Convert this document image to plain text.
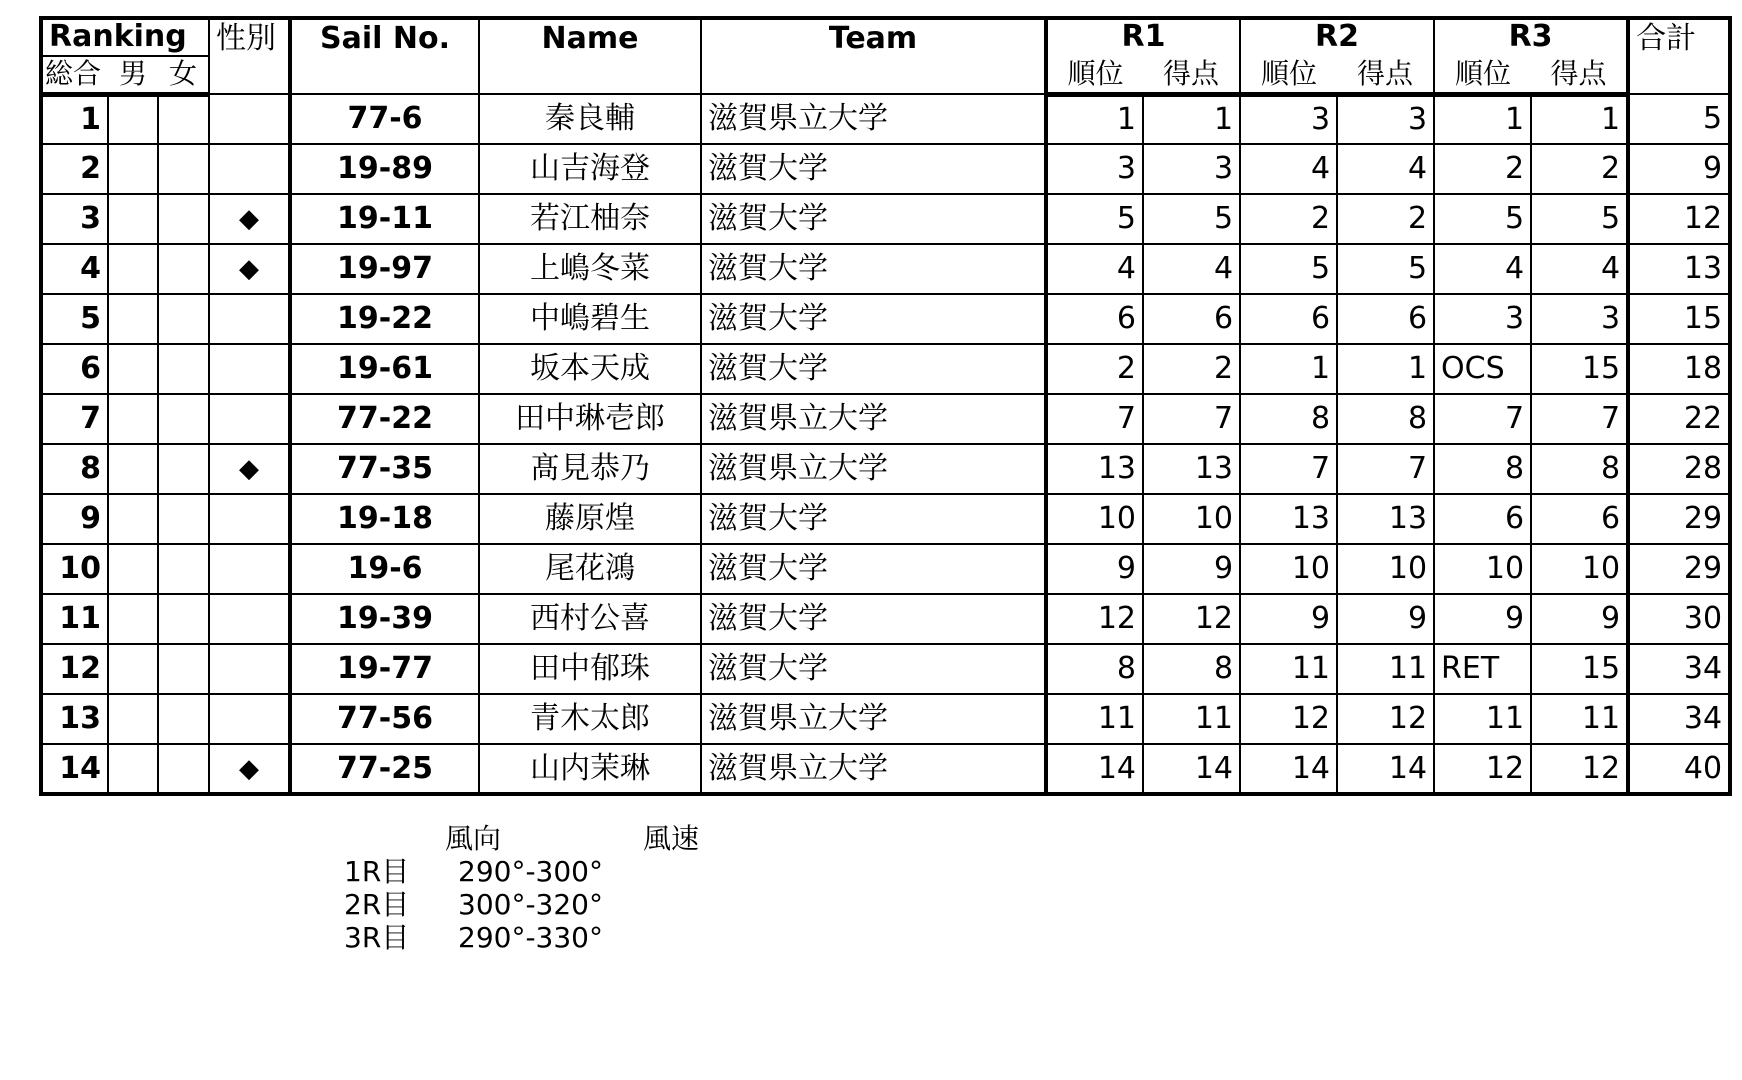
Ranking			性別	Sail No.	Name	Team	R1		R2		R3		合計
総合	男	女					順位	得点	順位	得点	順位	得点	
1				77-6	秦良輔	滋賀県立大学	1	1	3	3	1	1	5
2				19-89	山吉海登	滋賀大学	3	3	4	4	2	2	9
3			◆	19-11	若江柚奈	滋賀大学	5	5	2	2	5	5	12
4			◆	19-97	上嶋冬菜	滋賀大学	4	4	5	5	4	4	13
5				19-22	中嶋碧生	滋賀大学	6	6	6	6	3	3	15
6				19-61	坂本天成	滋賀大学	2	2	1	1	OCS	15	18
7				77-22	田中琳壱郎	滋賀県立大学	7	7	8	8	7	7	22
8			◆	77-35	髙見恭乃	滋賀県立大学	13	13	7	7	8	8	28
9				19-18	藤原煌	滋賀大学	10	10	13	13	6	6	29
10				19-6	尾花鴻	滋賀大学	9	9	10	10	10	10	29
11				19-39	西村公喜	滋賀大学	12	12	9	9	9	9	30
12				19-77	田中郁珠	滋賀大学	8	8	11	11	RET	15	34
13				77-56	青木太郎	滋賀県立大学	11	11	12	12	11	11	34
14			◆	77-25	山内茉琳	滋賀県立大学	14	14	14	14	12	12	40
風向	風速
1R目 290°-300°
2R目 300°-320°
3R目 290°-330°
